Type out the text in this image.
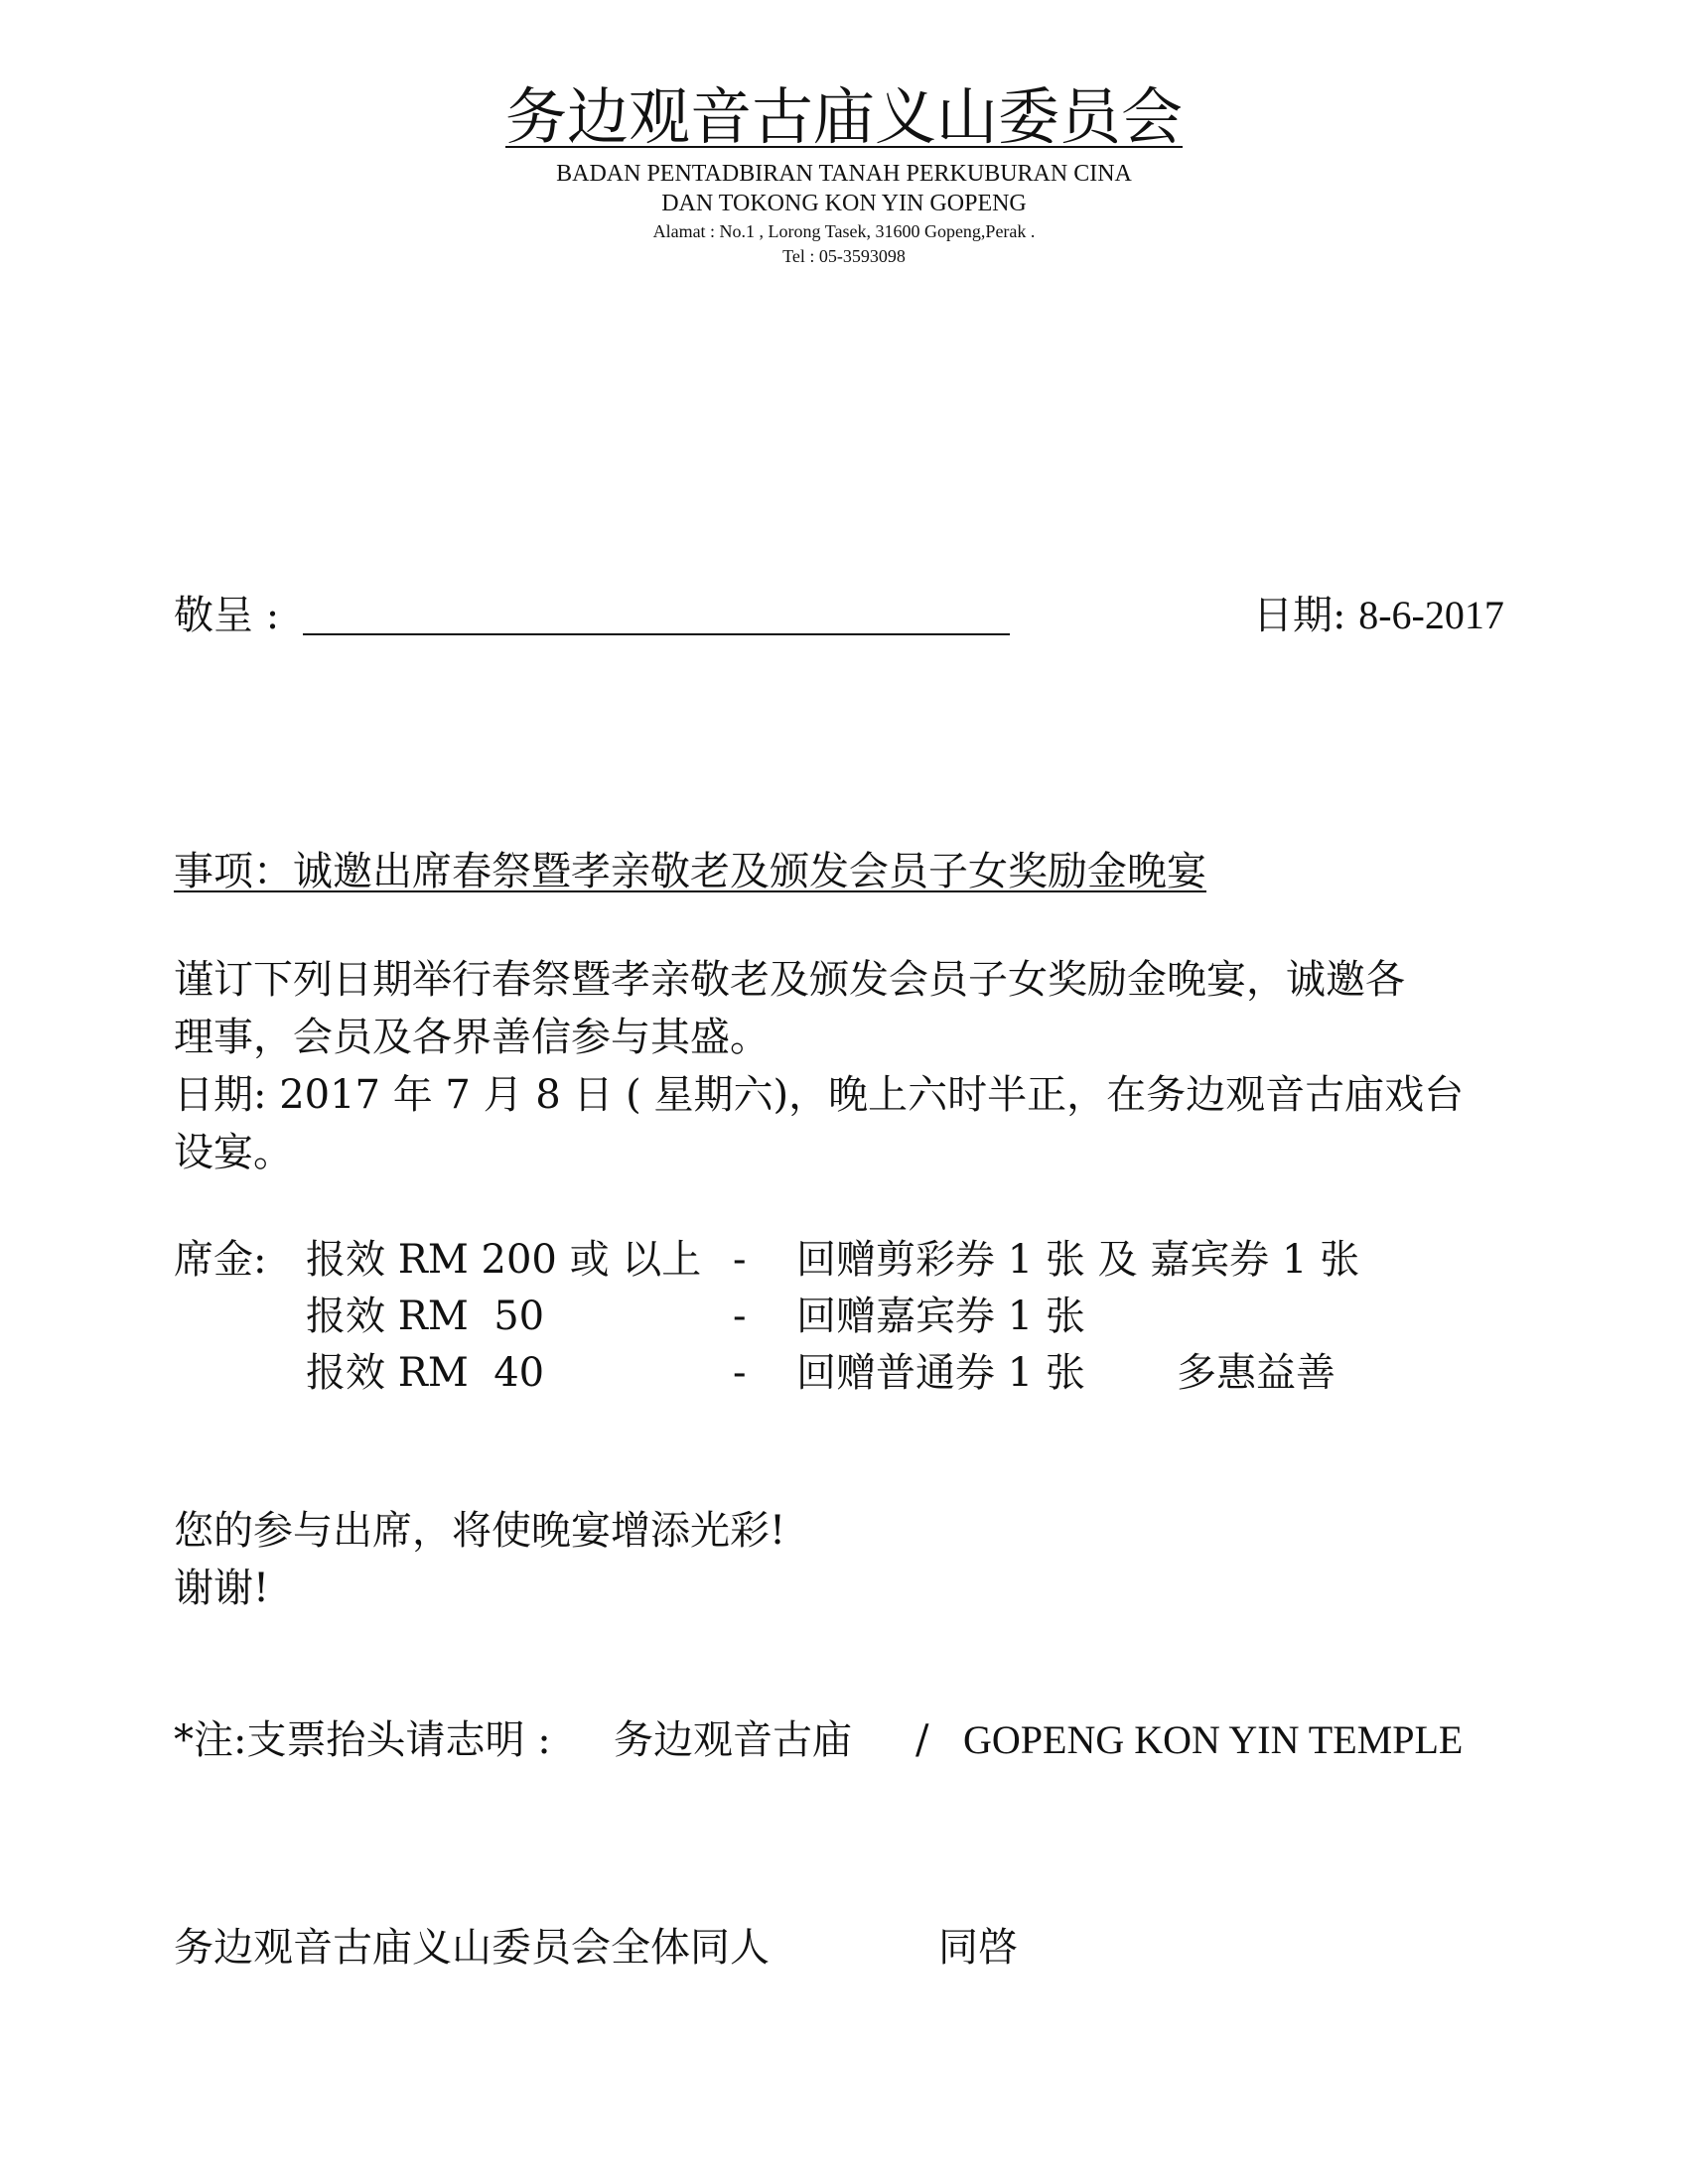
务边观音古庙义山委员会
BADAN PENTADBIRAN TANAH PERKUBURAN CINA
DAN TOKONG KON YIN GOPENG
Alamat : No.1 , Lorong Tasek, 31600 Gopeng,Perak .
Tel : 05-3593098
敬呈 :	日期: 8-6-2017
事项：诚邀出席春祭暨孝亲敬老及颁发会员子女奖励金晚宴
谨订下列日期举行春祭暨孝亲敬老及颁发会员子女奖励金晚宴，诚邀各
理事，会员及各界善信参与其盛。
日期: 2017 年 7 月 8 日 ( 星期六)，晚上六时半正，在务边观音古庙戏台
设宴。
席金: 报效 RM 200 或 以上 - 回赠剪彩券 1 张 及 嘉宾券 1 张
报效 RM  50	- 回赠嘉宾券 1 张
报效 RM  40	- 回赠普通券 1 张 多惠益善
您的参与出席，将使晚宴增添光彩!
谢谢!
*注:支票抬头请志明 : 务边观音古庙 / GOPENG KON YIN TEMPLE
务边观音古庙义山委员会全体同人	同啓
